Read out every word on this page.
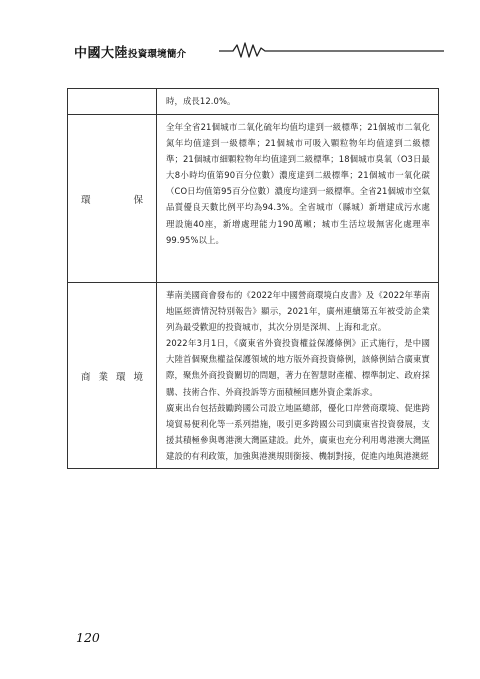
中國大陸投資環境簡介

	時，成長12.0%。

環保	全年全省21個城市二氧化硫年均值均達到一級標準；21個城市二氧化氮年均值達到一級標準；21個城市可吸入顆粒物年均值達到二級標準；21個城市細顆粒物年均值達到二級標準；18個城市臭氧（O3日最大8小時均值第90百分位數）濃度達到二級標準；21個城市一氧化碳（CO日均值第95百分位數）濃度均達到一級標準。全省21個城市空氣品質優良天數比例平均為94.3%。全省城市（縣城）新增建成污水處理設施40座，新增處理能力190萬噸；城市生活垃圾無害化處理率99.95%以上。

商業環境	華南美國商會發布的《2022年中國營商環境白皮書》及《2022年華南地區經濟情況特別報告》顯示，2021年，廣州連續第五年被受訪企業列為最受歡迎的投資城市，其次分別是深圳、上海和北京。

2022年3月1日，《廣東省外資投資權益保護條例》正式施行，是中國大陸首個聚焦權益保護領域的地方版外商投資條例，該條例結合廣東實際，聚焦外商投資關切的問題，著力在智慧財產權、標準制定、政府採購、技術合作、外商投訴等方面積極回應外資企業訴求。

廣東出台包括鼓勵跨國公司設立地區總部，優化口岸營商環境、促進跨境貿易便利化等一系列措施，吸引更多跨國公司到廣東省投資發展，支援其積極參與粵港澳大灣區建設。此外，廣東也充分利用粵港澳大灣區建設的有利政策，加強與港澳規則銜接、機制對接，促進內地與港澳經

120
